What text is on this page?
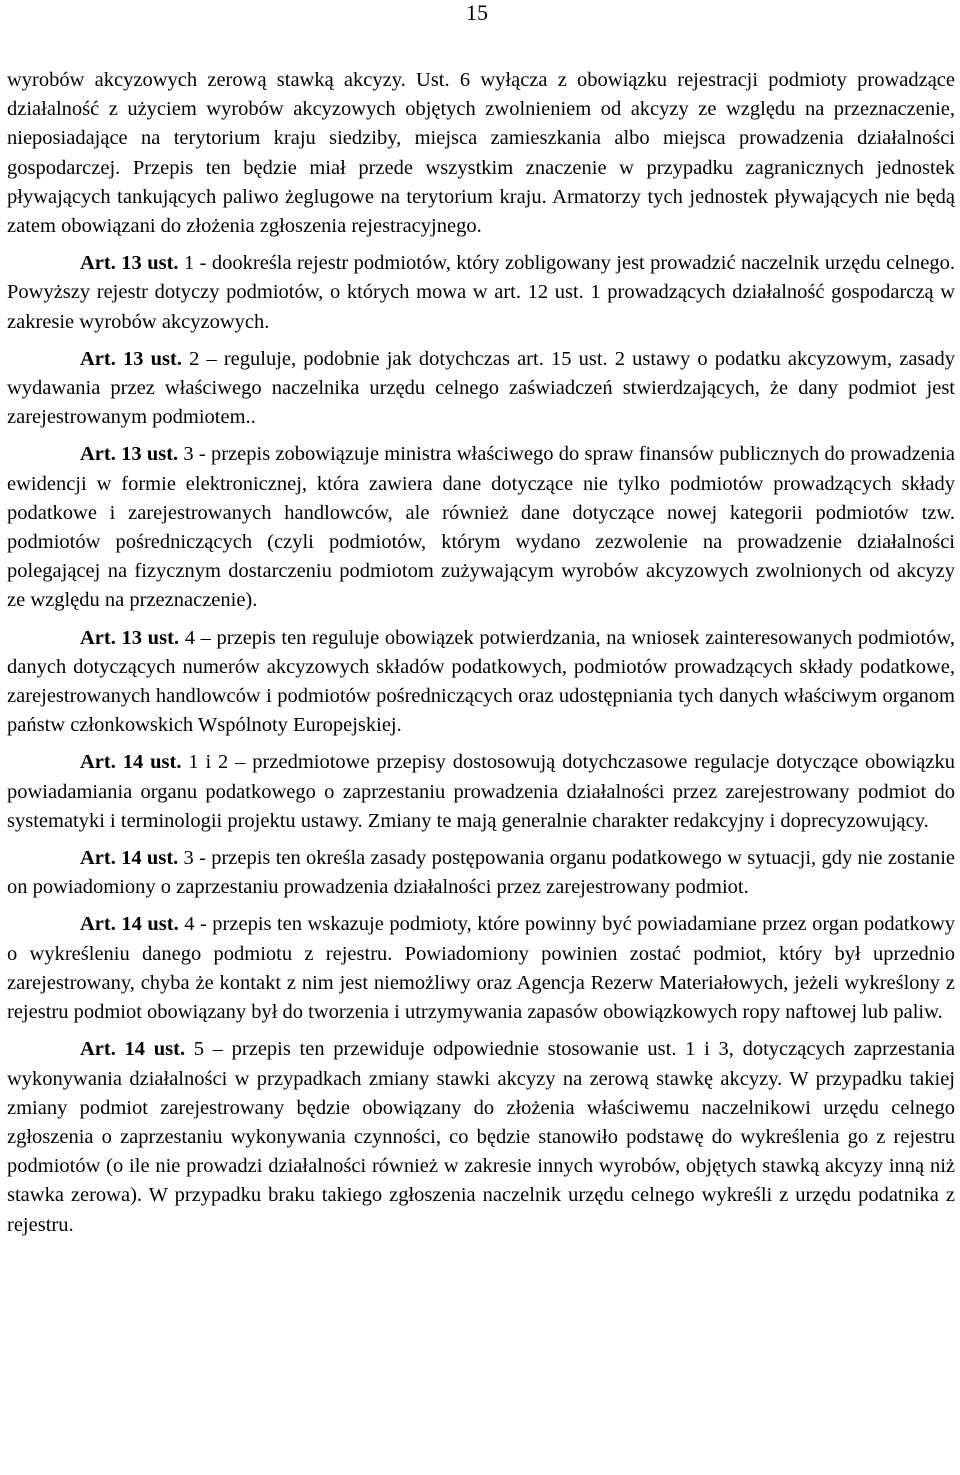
15

wyrobów akcyzowych zerową stawką akcyzy. Ust. 6 wyłącza z obowiązku rejestracji podmioty prowadzące działalność z użyciem wyrobów akcyzowych objętych zwolnieniem od akcyzy ze względu na przeznaczenie, nieposiadające na terytorium kraju siedziby, miejsca zamieszkania albo miejsca prowadzenia działalności gospodarczej. Przepis ten będzie miał przede wszystkim znaczenie w przypadku zagranicznych jednostek pływających tankujących paliwo żeglugowe na terytorium kraju. Armatorzy tych jednostek pływających nie będą zatem obowiązani do złożenia zgłoszenia rejestracyjnego.

Art. 13 ust. 1 - dookreśla rejestr podmiotów, który zobligowany jest prowadzić naczelnik urzędu celnego. Powyższy rejestr dotyczy podmiotów, o których mowa w art. 12 ust. 1 prowadzących działalność gospodarczą w zakresie wyrobów akcyzowych.

Art. 13 ust. 2 – reguluje, podobnie jak dotychczas art. 15 ust. 2 ustawy o podatku akcyzowym, zasady wydawania przez właściwego naczelnika urzędu celnego zaświadczeń stwierdzających, że dany podmiot jest zarejestrowanym podmiotem..

Art. 13 ust. 3 - przepis zobowiązuje ministra właściwego do spraw finansów publicznych do prowadzenia ewidencji w formie elektronicznej, która zawiera dane dotyczące nie tylko podmiotów prowadzących składy podatkowe i zarejestrowanych handlowców, ale również dane dotyczące nowej kategorii podmiotów tzw. podmiotów pośredniczących (czyli podmiotów, którym wydano zezwolenie na prowadzenie działalności polegającej na fizycznym dostarczeniu podmiotom zużywającym wyrobów akcyzowych zwolnionych od akcyzy ze względu na przeznaczenie).

Art. 13 ust. 4 – przepis ten reguluje obowiązek potwierdzania, na wniosek zainteresowanych podmiotów, danych dotyczących numerów akcyzowych składów podatkowych, podmiotów prowadzących składy podatkowe, zarejestrowanych handlowców i podmiotów pośredniczących oraz udostępniania tych danych właściwym organom państw członkowskich Wspólnoty Europejskiej.

Art. 14 ust. 1 i 2 – przedmiotowe przepisy dostosowują dotychczasowe regulacje dotyczące obowiązku powiadamiania organu podatkowego o zaprzestaniu prowadzenia działalności przez zarejestrowany podmiot do systematyki i terminologii projektu ustawy. Zmiany te mają generalnie charakter redakcyjny i doprecyzowujący.

Art. 14 ust. 3 - przepis ten określa zasady postępowania organu podatkowego w sytuacji, gdy nie zostanie on powiadomiony o zaprzestaniu prowadzenia działalności przez zarejestrowany podmiot.

Art. 14 ust. 4 - przepis ten wskazuje podmioty, które powinny być powiadamiane przez organ podatkowy o wykreśleniu danego podmiotu z rejestru. Powiadomiony powinien zostać podmiot, który był uprzednio zarejestrowany, chyba że kontakt z nim jest niemożliwy oraz Agencja Rezerw Materiałowych, jeżeli wykreślony z rejestru podmiot obowiązany był do tworzenia i utrzymywania zapasów obowiązkowych ropy naftowej lub paliw.

Art. 14 ust. 5 – przepis ten przewiduje odpowiednie stosowanie ust. 1 i 3, dotyczących zaprzestania wykonywania działalności w przypadkach zmiany stawki akcyzy na zerową stawkę akcyzy. W przypadku takiej zmiany podmiot zarejestrowany będzie obowiązany do złożenia właściwemu naczelnikowi urzędu celnego zgłoszenia o zaprzestaniu wykonywania czynności, co będzie stanowiło podstawę do wykreślenia go z rejestru podmiotów (o ile nie prowadzi działalności również w zakresie innych wyrobów, objętych stawką akcyzy inną niż stawka zerowa). W przypadku braku takiego zgłoszenia naczelnik urzędu celnego wykreśli z urzędu podatnika z rejestru.
